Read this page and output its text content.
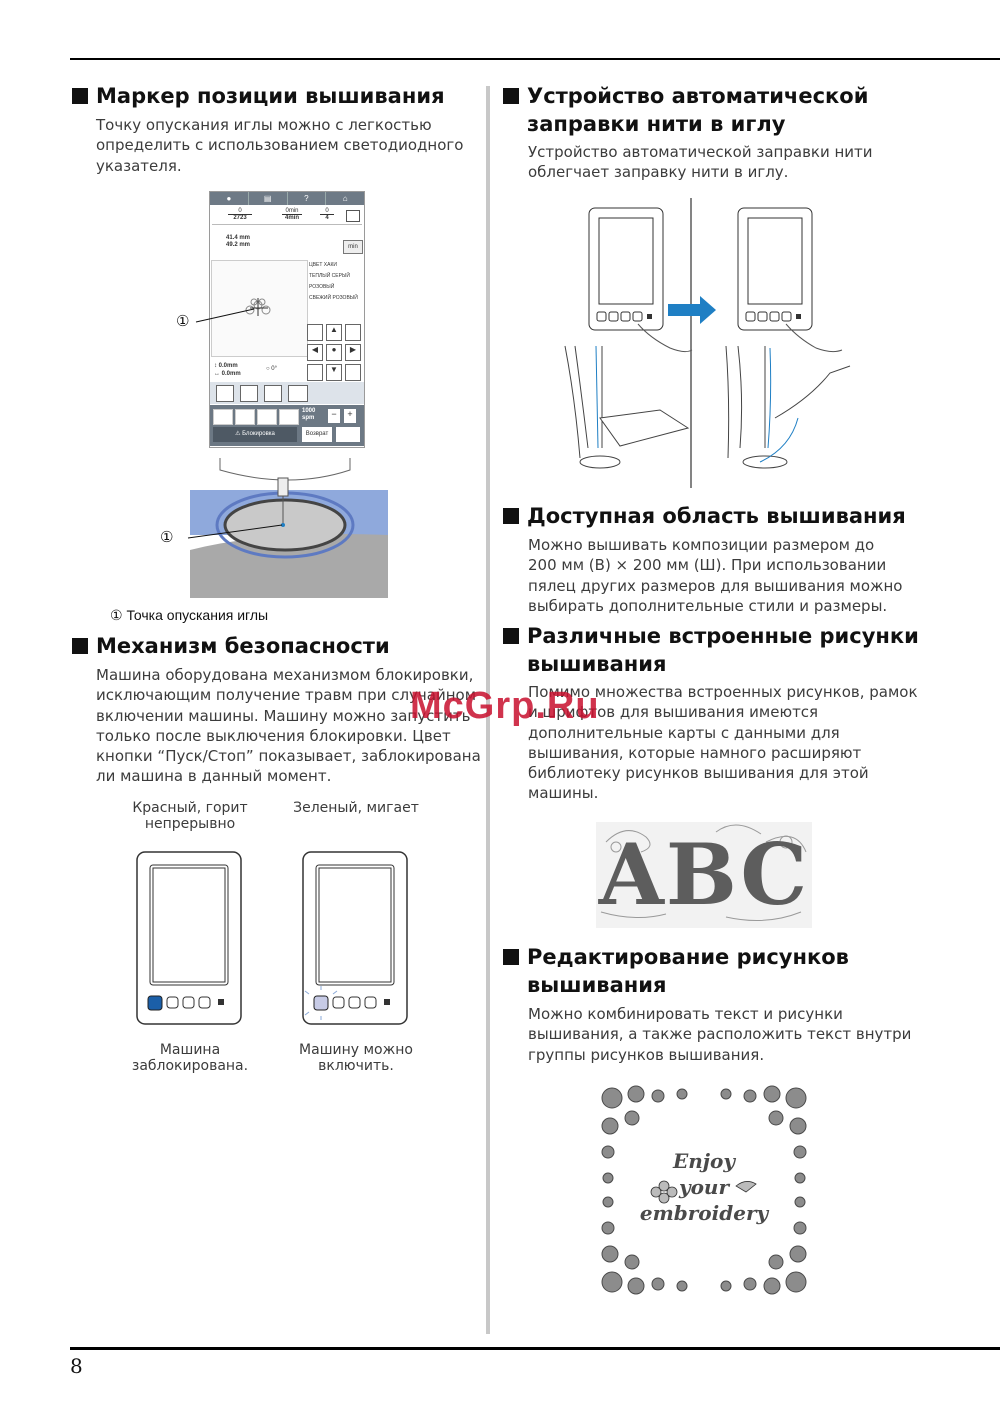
Маркер позиции вышивания
Точку опускания иглы можно с легкостью
определить с использованием светодиодного
указателя.
●	▤	?	⌂
0
2723
0min
4min
0
4
41.4 mm
49.2 mm	min
ЦВЕТ ХАКИ
ТЕПЛЫЙ СЕРЫЙ
РОЗОВЫЙ
СВЕЖИЙ РОЗОВЫЙ
▲
◀	●	▶
▼
↕ 0.0mm
↔ 0.0mm
○ 0°
1000
spm	−	+
⚠ Блокировка	Возврат
①
①
① Точка опускания иглы
Механизм безопасности
Машина оборудована механизмом блокировки,
исключающим получение травм при случайном
включении машины. Машину можно запустить
только после выключения блокировки. Цвет
кнопки “Пуск/Стоп” показывает, заблокирована
ли машина в данный момент.
Красный, горит
непрерывно
Зеленый, мигает
Машина
заблокирована.
Машину можно
включить.
Устройство автоматической
заправки нити в иглу
Устройство автоматической заправки нити
облегчает заправку нити в иглу.
Доступная область вышивания
Можно вышивать композиции размером до
200 мм (В) × 200 мм (Ш). При использовании
пялец других размеров для вышивания можно
выбирать дополнительные стили и размеры.
Различные встроенные рисунки
вышивания
Помимо множества встроенных рисунков, рамок
и шрифтов для вышивания имеются
дополнительные карты с данными для
вышивания, которые намного расширяют
библиотеку рисунков вышивания для этой
машины.
ABC
Редактирование рисунков
вышивания
Можно комбинировать текст и рисунки
вышивания, а также расположить текст внутри
группы рисунков вышивания.
Enjoy
your
embroidery
McGrp.Ru
8
